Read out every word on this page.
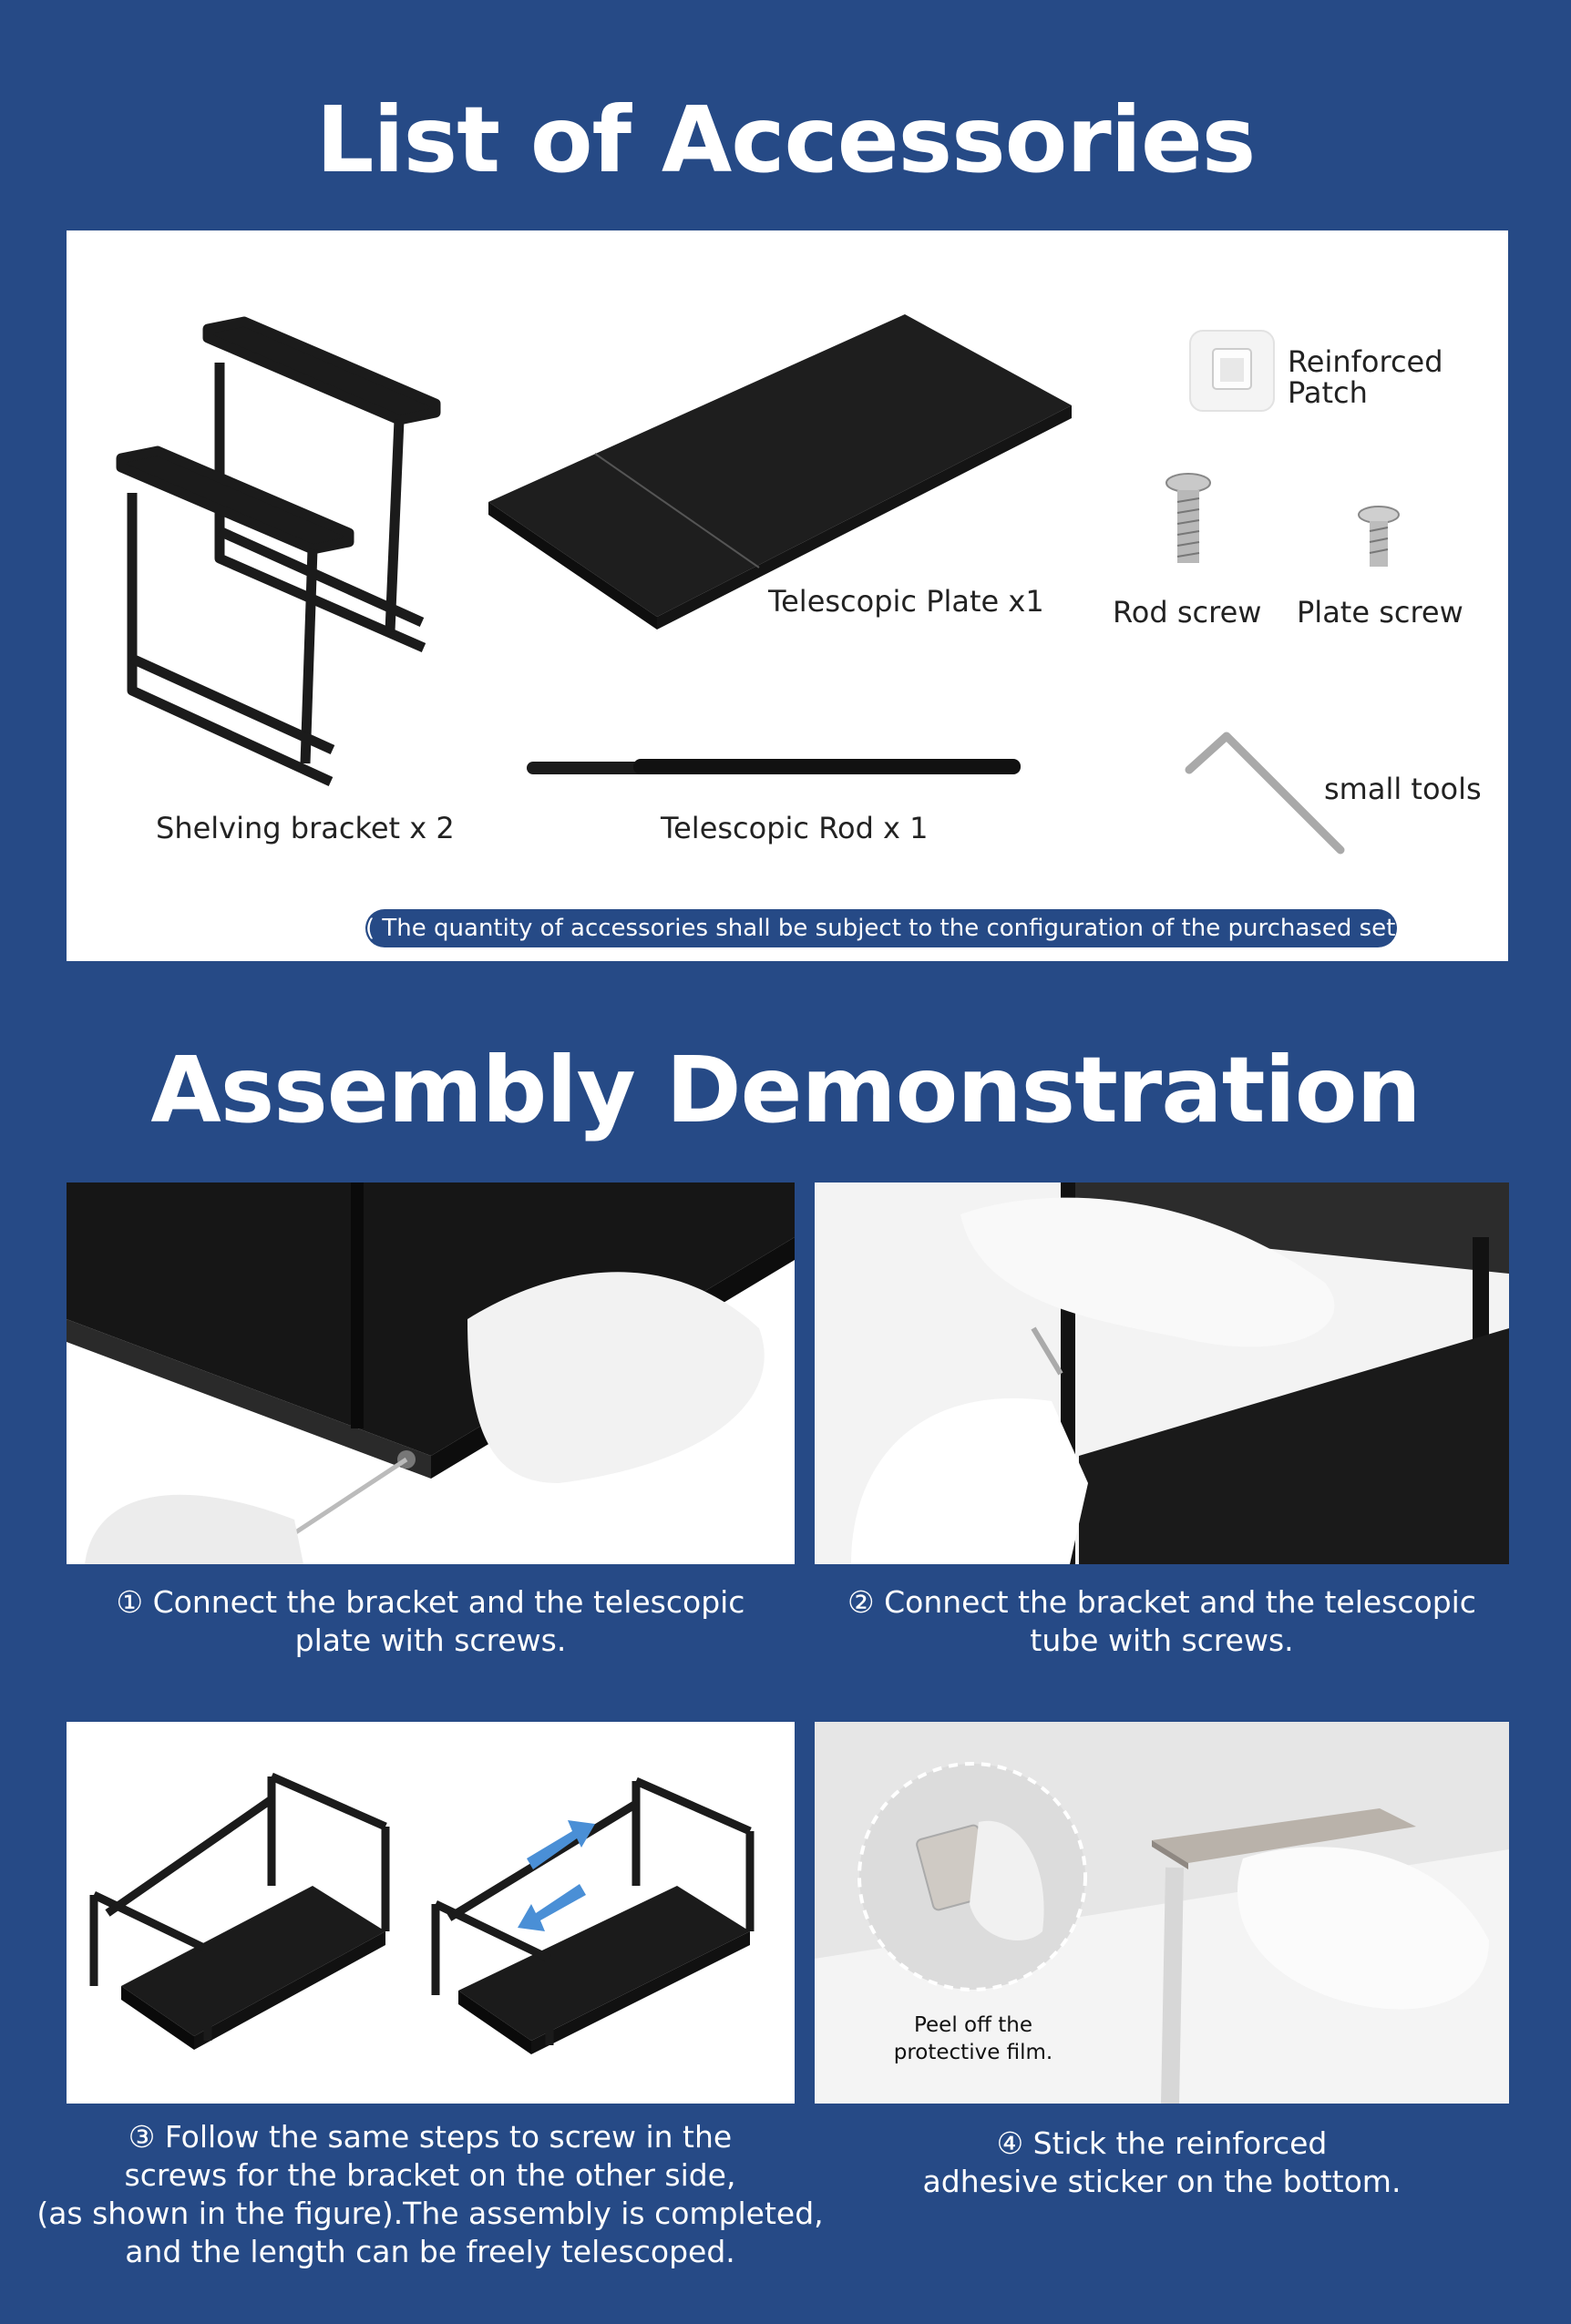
List of Accessories
Shelving bracket x 2
Telescopic Plate x1
Telescopic Rod x 1
Reinforced
Patch
Rod screw Plate screw
small tools
( The quantity of accessories shall be subject to the configuration of the purchased set. )
Assembly Demonstration
① Connect the bracket and the telescopic
plate with screws.
② Connect the bracket and the telescopic
tube with screws.
Peel off the
protective film.
③ Follow the same steps to screw in the
screws for the bracket on the other side,
(as shown in the figure).The assembly is completed,
and the length can be freely telescoped.
④ Stick the reinforced
adhesive sticker on the bottom.
